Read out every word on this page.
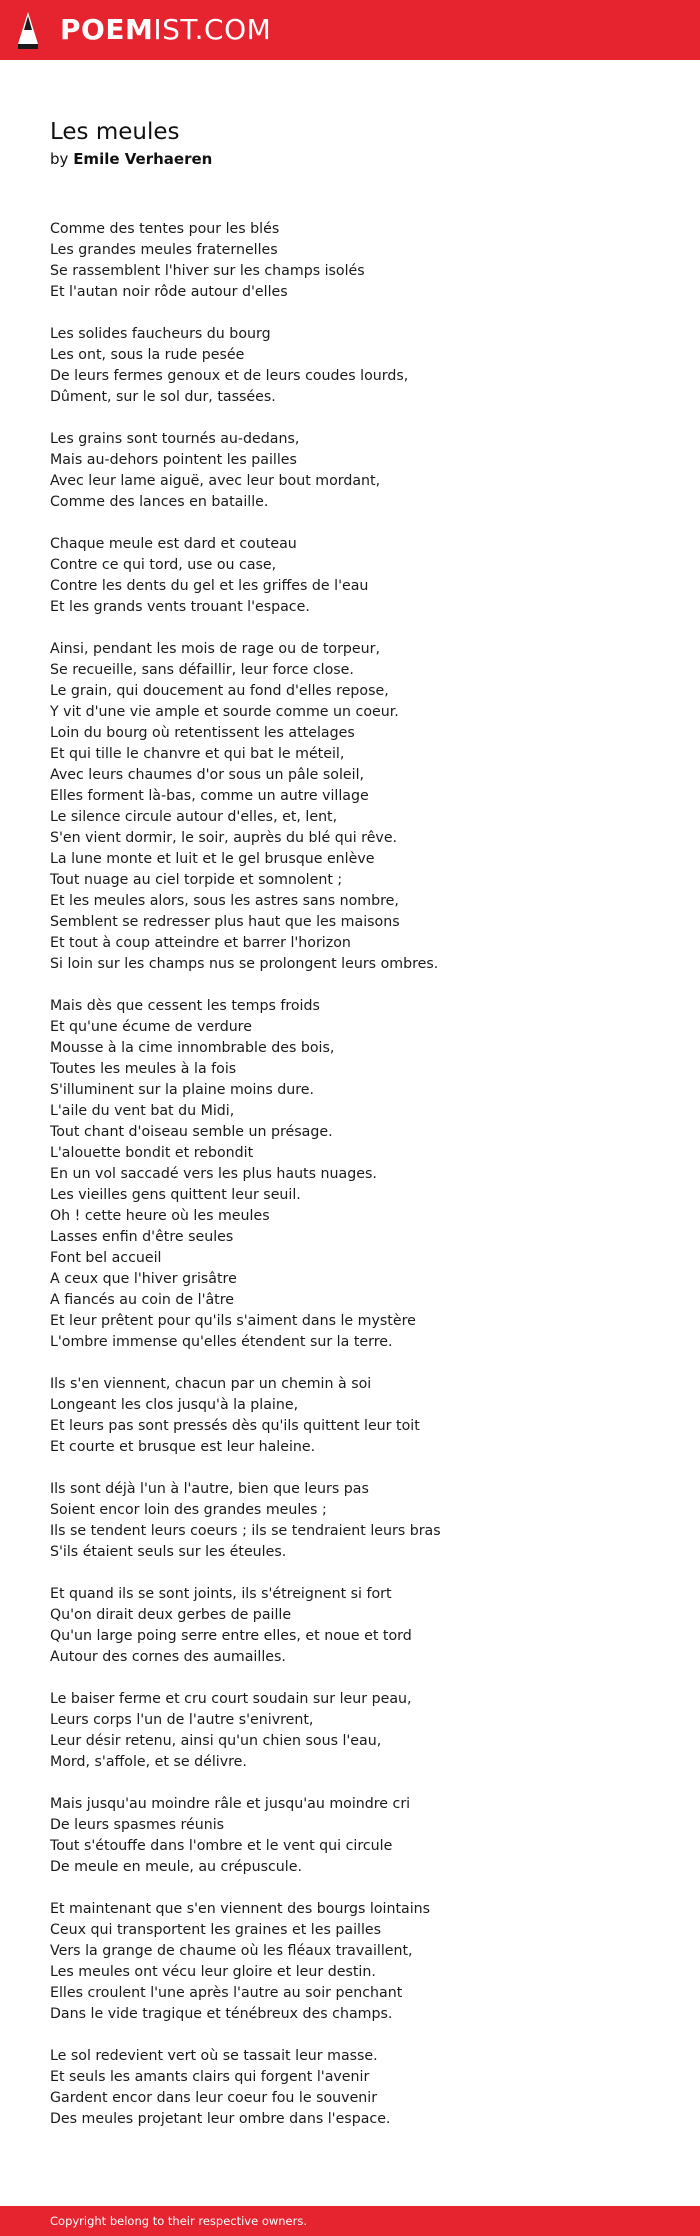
POEMIST.COM
Les meules
by Emile Verhaeren
Comme des tentes pour les blés
Les grandes meules fraternelles
Se rassemblent l'hiver sur les champs isolés
Et l'autan noir rôde autour d'elles
Les solides faucheurs du bourg
Les ont, sous la rude pesée
De leurs fermes genoux et de leurs coudes lourds,
Dûment, sur le sol dur, tassées.
Les grains sont tournés au-dedans,
Mais au-dehors pointent les pailles
Avec leur lame aiguë, avec leur bout mordant,
Comme des lances en bataille.
Chaque meule est dard et couteau
Contre ce qui tord, use ou case,
Contre les dents du gel et les griffes de l'eau
Et les grands vents trouant l'espace.
Ainsi, pendant les mois de rage ou de torpeur,
Se recueille, sans défaillir, leur force close.
Le grain, qui doucement au fond d'elles repose,
Y vit d'une vie ample et sourde comme un coeur.
Loin du bourg où retentissent les attelages
Et qui tille le chanvre et qui bat le méteil,
Avec leurs chaumes d'or sous un pâle soleil,
Elles forment là-bas, comme un autre village
Le silence circule autour d'elles, et, lent,
S'en vient dormir, le soir, auprès du blé qui rêve.
La lune monte et luit et le gel brusque enlève
Tout nuage au ciel torpide et somnolent ;
Et les meules alors, sous les astres sans nombre,
Semblent se redresser plus haut que les maisons
Et tout à coup atteindre et barrer l'horizon
Si loin sur les champs nus se prolongent leurs ombres.
Mais dès que cessent les temps froids
Et qu'une écume de verdure
Mousse à la cime innombrable des bois,
Toutes les meules à la fois
S'illuminent sur la plaine moins dure.
L'aile du vent bat du Midi,
Tout chant d'oiseau semble un présage.
L'alouette bondit et rebondit
En un vol saccadé vers les plus hauts nuages.
Les vieilles gens quittent leur seuil.
Oh ! cette heure où les meules
Lasses enfin d'être seules
Font bel accueil
A ceux que l'hiver grisâtre
A fiancés au coin de l'âtre
Et leur prêtent pour qu'ils s'aiment dans le mystère
L'ombre immense qu'elles étendent sur la terre.
Ils s'en viennent, chacun par un chemin à soi
Longeant les clos jusqu'à la plaine,
Et leurs pas sont pressés dès qu'ils quittent leur toit
Et courte et brusque est leur haleine.
Ils sont déjà l'un à l'autre, bien que leurs pas
Soient encor loin des grandes meules ;
Ils se tendent leurs coeurs ; ils se tendraient leurs bras
S'ils étaient seuls sur les éteules.
Et quand ils se sont joints, ils s'étreignent si fort
Qu'on dirait deux gerbes de paille
Qu'un large poing serre entre elles, et noue et tord
Autour des cornes des aumailles.
Le baiser ferme et cru court soudain sur leur peau,
Leurs corps l'un de l'autre s'enivrent,
Leur désir retenu, ainsi qu'un chien sous l'eau,
Mord, s'affole, et se délivre.
Mais jusqu'au moindre râle et jusqu'au moindre cri
De leurs spasmes réunis
Tout s'étouffe dans l'ombre et le vent qui circule
De meule en meule, au crépuscule.
Et maintenant que s'en viennent des bourgs lointains
Ceux qui transportent les graines et les pailles
Vers la grange de chaume où les fléaux travaillent,
Les meules ont vécu leur gloire et leur destin.
Elles croulent l'une après l'autre au soir penchant
Dans le vide tragique et ténébreux des champs.
Le sol redevient vert où se tassait leur masse.
Et seuls les amants clairs qui forgent l'avenir
Gardent encor dans leur coeur fou le souvenir
Des meules projetant leur ombre dans l'espace.
Copyright belong to their respective owners.
